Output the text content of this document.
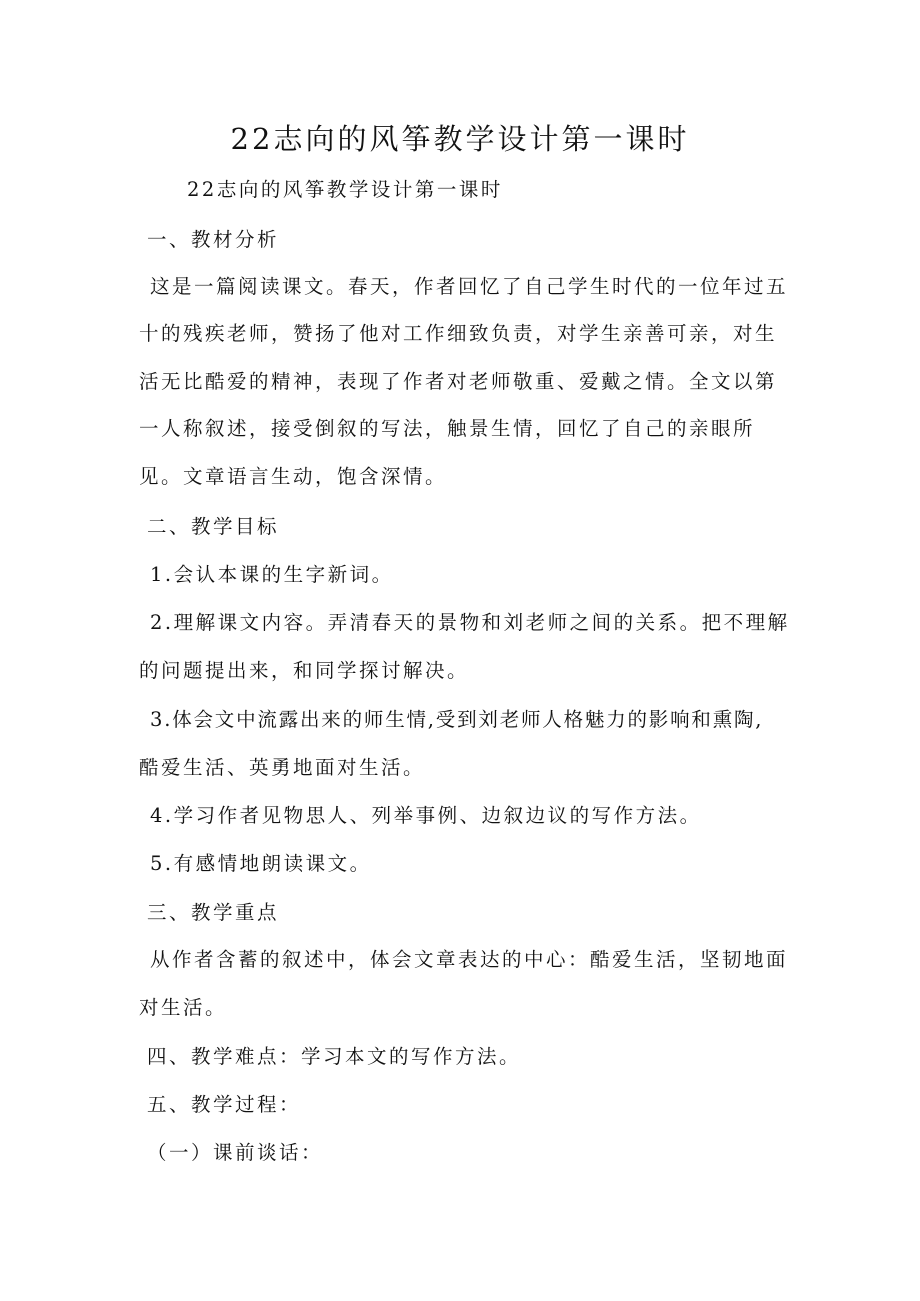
22志向的风筝教学设计第一课时
22志向的风筝教学设计第一课时
一、教材分析
这是一篇阅读课文。春天，作者回忆了自己学生时代的一位年过五
十的残疾老师，赞扬了他对工作细致负责，对学生亲善可亲，对生
活无比酷爱的精神，表现了作者对老师敬重、爱戴之情。全文以第
一人称叙述，接受倒叙的写法，触景生情，回忆了自己的亲眼所
见。文章语言生动，饱含深情。
二、教学目标
1.会认本课的生字新词。
2.理解课文内容。弄清春天的景物和刘老师之间的关系。把不理解
的问题提出来，和同学探讨解决。
3.体会文中流露出来的师生情,受到刘老师人格魅力的影响和熏陶,
酷爱生活、英勇地面对生活。
4.学习作者见物思人、列举事例、边叙边议的写作方法。
5.有感情地朗读课文。
三、教学重点
从作者含蓄的叙述中，体会文章表达的中心：酷爱生活，坚韧地面
对生活。
四、教学难点：学习本文的写作方法。
五、教学过程：
（一）课前谈话：
